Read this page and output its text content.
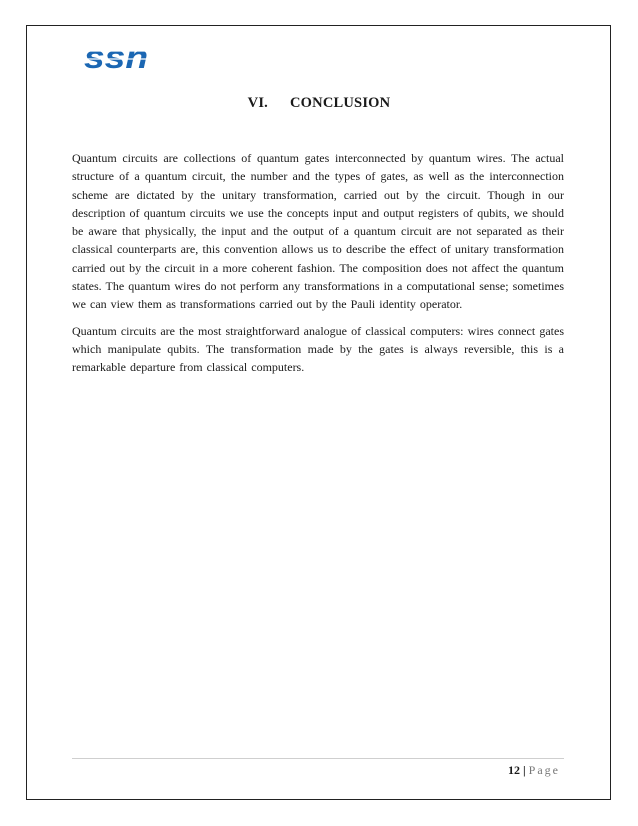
ssn
VI. CONCLUSION

Quantum circuits are collections of quantum gates interconnected by quantum wires. The actual structure of a quantum circuit, the number and the types of gates, as well as the interconnection scheme are dictated by the unitary transformation, carried out by the circuit. Though in our description of quantum circuits we use the concepts input and output registers of qubits, we should be aware that physically, the input and the output of a quantum circuit are not separated as their classical counterparts are, this convention allows us to describe the effect of unitary transformation carried out by the circuit in a more coherent fashion. The composition does not affect the quantum states. The quantum wires do not perform any transformations in a computational sense; sometimes we can view them as transformations carried out by the Pauli identity operator.

Quantum circuits are the most straightforward analogue of classical computers: wires connect gates which manipulate qubits. The transformation made by the gates is always reversible, this is a remarkable departure from classical computers.

12 | Page
